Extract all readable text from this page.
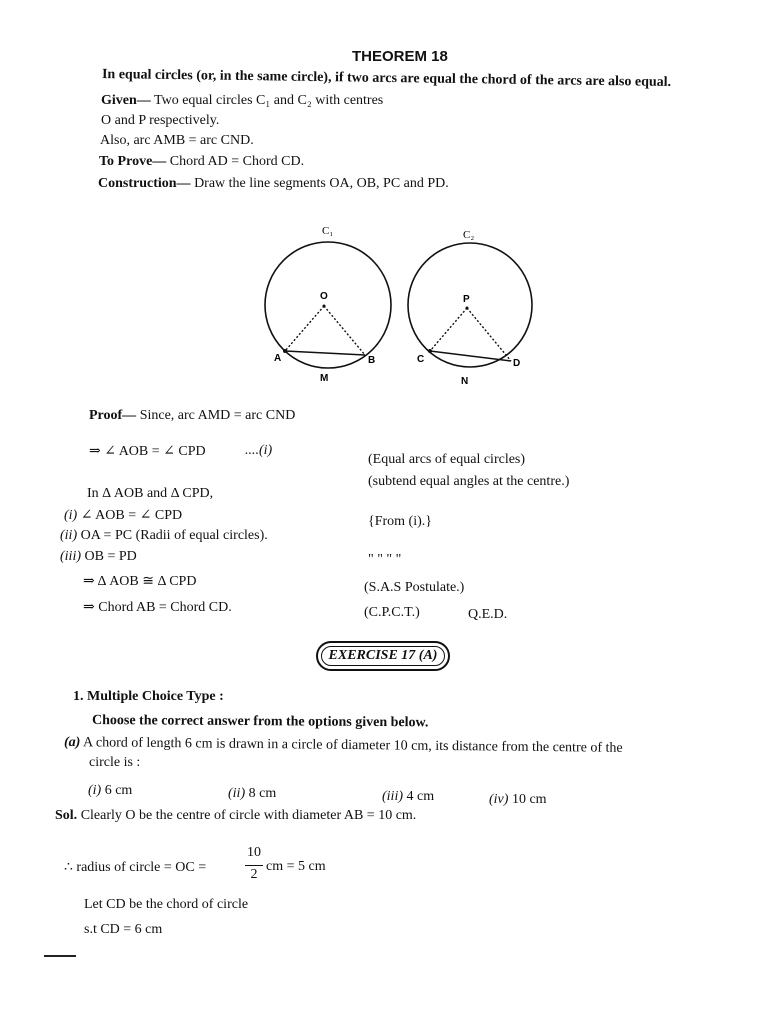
THEOREM 18
In equal circles (or, in the same circle), if two arcs are equal the chord of the arcs are also equal.
Given— Two equal circles C₁ and C₂ with centres
O and P respectively.
Also, arc AMB = arc CND.
To Prove— Chord AD = Chord CD.
Construction— Draw the line segments OA, OB, PC and PD.
C₁	C₂
O	P
A	B	C	D
M	N
Proof— Since, arc AMD = arc CND
⇒ ∠ AOB = ∠ CPD	....(i)
(Equal arcs of equal circles)
(subtend equal angles at the centre.)
In Δ AOB and Δ CPD,
(i) ∠ AOB = ∠ CPD	{From (i).}
(ii) OA = PC (Radii of equal circles).
(iii) OB = PD	" " " "
⇒ Δ AOB ≅ Δ CPD	(S.A.S Postulate.)
⇒ Chord AB = Chord CD.	(C.P.C.T.)	Q.E.D.
EXERCISE 17 (A)
1. Multiple Choice Type :
Choose the correct answer from the options given below.
(a) A chord of length 6 cm is drawn in a circle of diameter 10 cm, its distance from the centre of the
circle is :
(i) 6 cm	(ii) 8 cm	(iii) 4 cm	(iv) 10 cm
Sol. Clearly O be the centre of circle with diameter AB = 10 cm.
∴ radius of circle = OC =
10
2
cm = 5 cm
Let CD be the chord of circle
s.t CD = 6 cm
